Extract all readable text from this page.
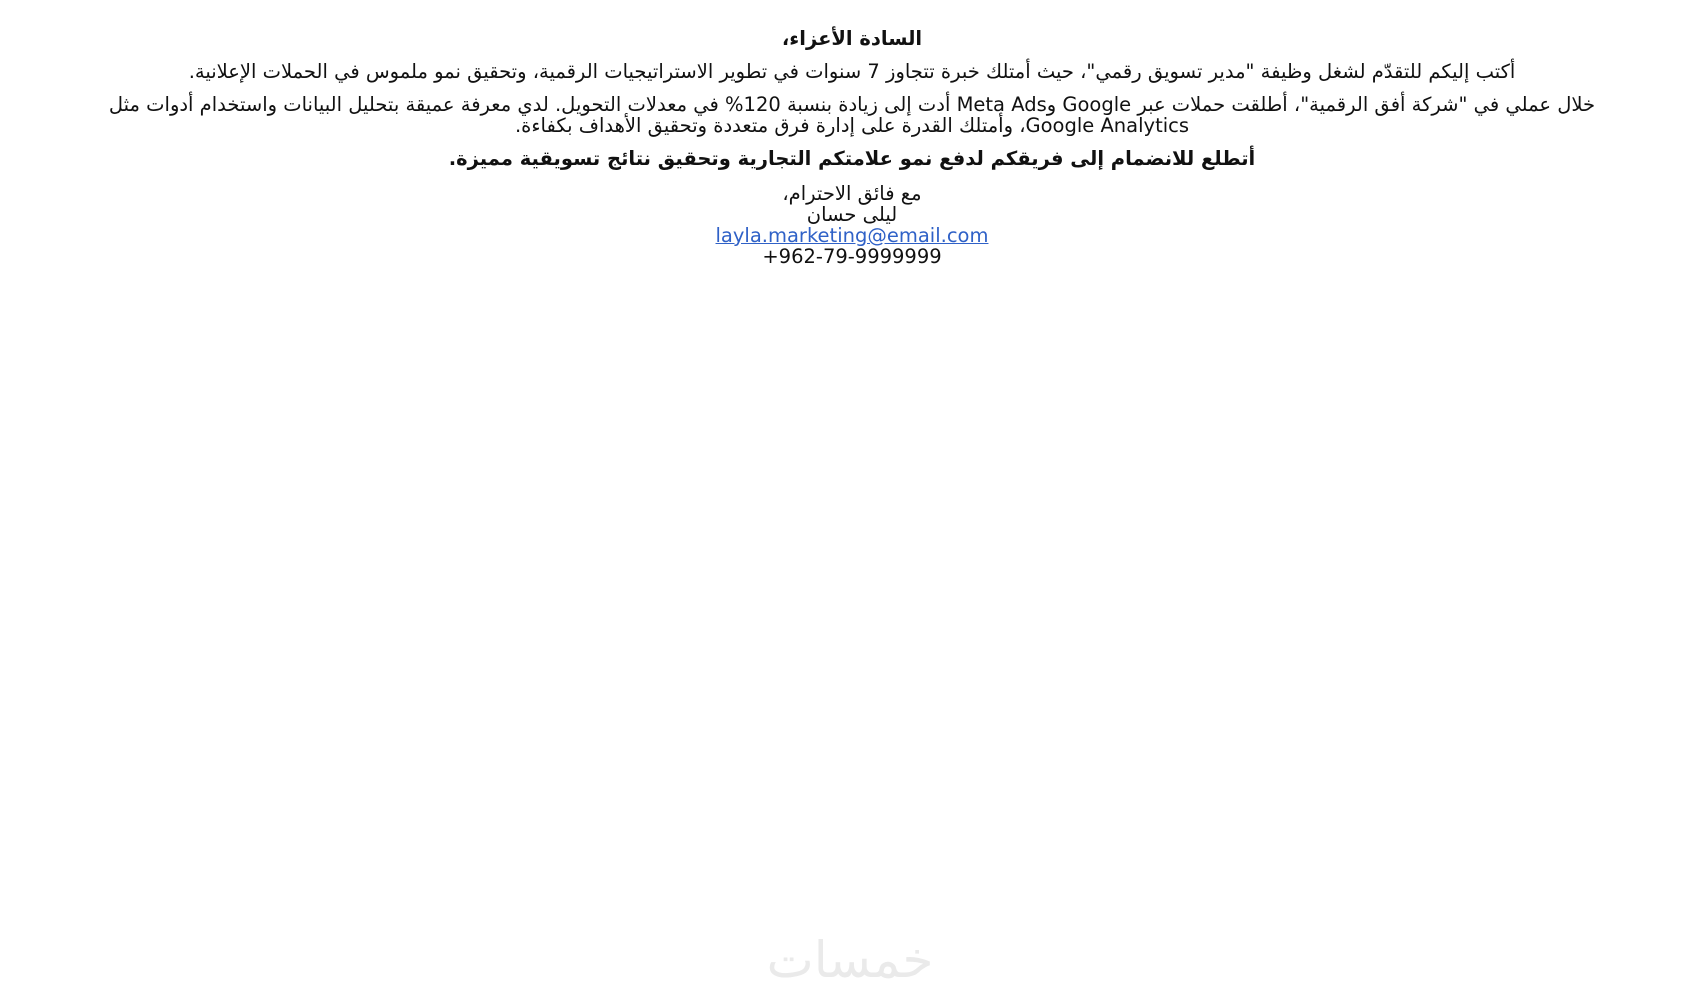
السادة الأعزاء،

أكتب إليكم للتقدّم لشغل وظيفة "مدير تسويق رقمي"، حيث أمتلك خبرة تتجاوز 7 سنوات في تطوير الاستراتيجيات الرقمية، وتحقيق نمو ملموس في الحملات الإعلانية.

خلال عملي في "شركة أفق الرقمية"، أطلقت حملات عبر Google وMeta Ads أدت إلى زيادة بنسبة 120% في معدلات التحويل. لدي معرفة عميقة بتحليل البيانات واستخدام أدوات مثل Google Analytics، وأمتلك القدرة على إدارة فرق متعددة وتحقيق الأهداف بكفاءة.

أتطلع للانضمام إلى فريقكم لدفع نمو علامتكم التجارية وتحقيق نتائج تسويقية مميزة.

مع فائق الاحترام،
ليلى حسان
layla.marketing@email.com
+962-79-9999999
خمسات
